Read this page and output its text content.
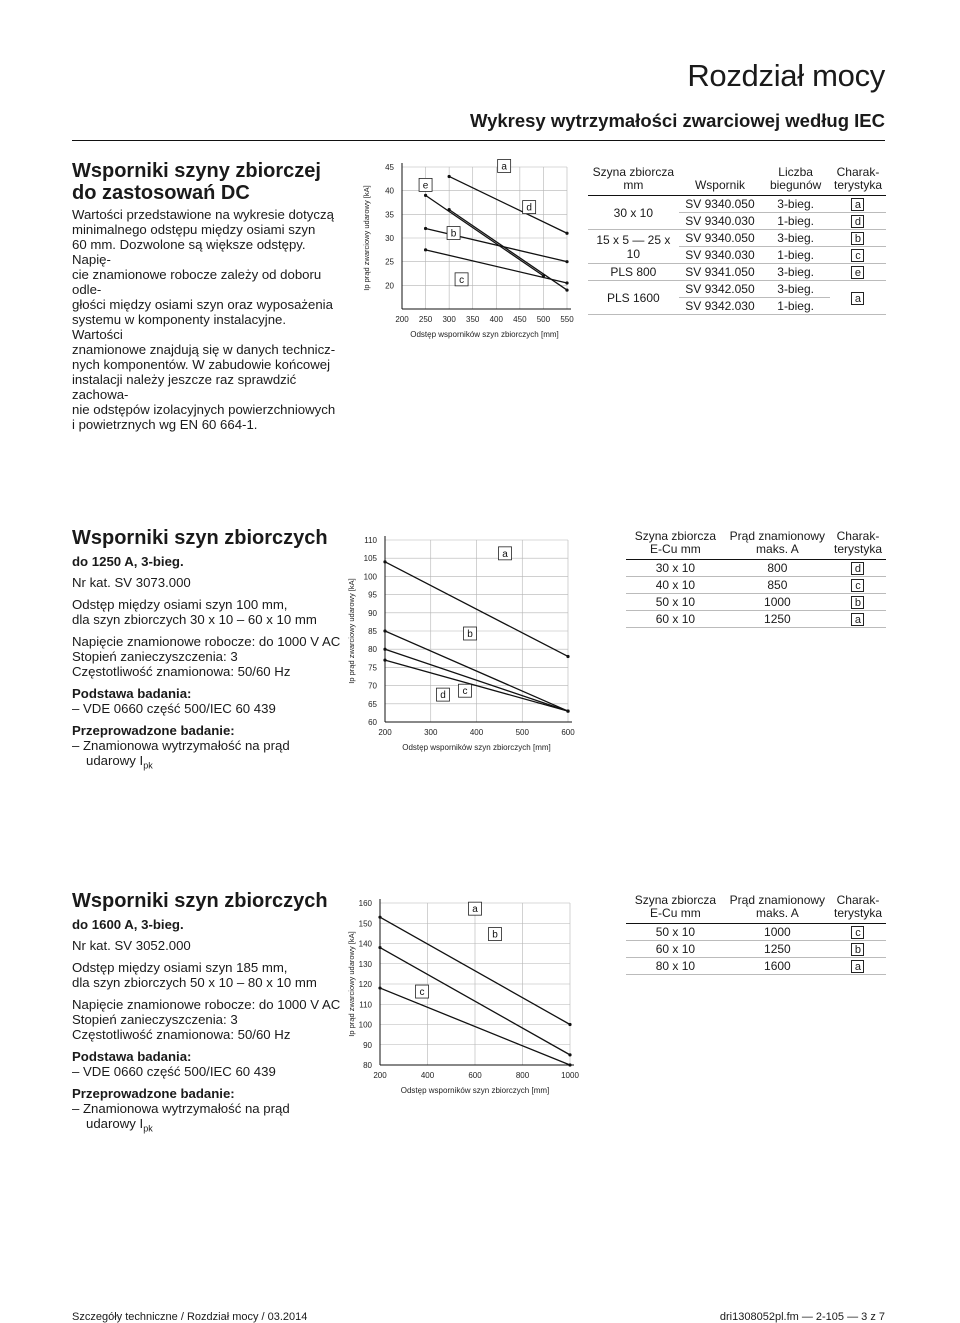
Rozdział mocy
Wykresy wytrzymałości zwarciowej według IEC
Wsporniki szyny zbiorczej
do zastosowań DC
Wartości przedstawione na wykresie dotyczą
minimalnego odstępu między osiami szyn
60 mm. Dozwolone są większe odstępy. Napię-
cie znamionowe robocze zależy od doboru odle-
głości między osiami szyn oraz wyposażenia
systemu w komponenty instalacyjne. Wartości
znamionowe znajdują się w danych technicz-
nych komponentów. W zabudowie końcowej
instalacji należy jeszcze raz sprawdzić zachowa-
nie odstępów izolacyjnych powierzchniowych
i powietrznych wg EN 60 664-1.
200 250 300 350 400 450 500 550
20
25
30
35
40
45
Odstęp wsporników szyn zbiorczych [mm]
Ip prąd zwarciowy udarowy [kA]
a
d
e
b
c
Szyna zbiorcza mm	Wspornik	Liczba biegunów	Charak-terystyka
30 x 10	SV 9340.050	3-bieg.	a
	SV 9340.030	1-bieg.	d
15 x 5 — 25 x 10	SV 9340.050	3-bieg.	b
	SV 9340.030	1-bieg.	c
PLS 800	SV 9341.050	3-bieg.	e
PLS 1600	SV 9342.050	3-bieg.	a
	SV 9342.030	1-bieg.	
Wsporniki szyn zbiorczych
do 1250 A, 3-bieg.
Nr kat. SV 3073.000
Odstęp między osiami szyn 100 mm,
dla szyn zbiorczych 30 x 10 – 60 x 10 mm
Napięcie znamionowe robocze: do 1000 V AC
Stopień zanieczyszczenia: 3
Częstotliwość znamionowa: 50/60 Hz
Podstawa badania:
– VDE 0660 część 500/IEC 60 439
Przeprowadzone badanie:
– Znamionowa wytrzymałość na prąd
udarowy $I_{pk}$
200	300	400	500	600
60
65
70
75
80
85
90
95
100
105
110
Odstęp wsporników szyn zbiorczych [mm]
Ip prąd zwarciowy udarowy [kA]
a
b
c
d
Szyna zbiorcza E-Cu mm	Prąd znamionowy maks. A	Charak-terystyka
30 x 10	800	d
40 x 10	850	c
50 x 10	1000	b
60 x 10	1250	a
Wsporniki szyn zbiorczych
do 1600 A, 3-bieg.
Nr kat. SV 3052.000
Odstęp między osiami szyn 185 mm,
dla szyn zbiorczych 50 x 10 – 80 x 10 mm
Napięcie znamionowe robocze: do 1000 V AC
Stopień zanieczyszczenia: 3
Częstotliwość znamionowa: 50/60 Hz
Podstawa badania:
– VDE 0660 część 500/IEC 60 439
Przeprowadzone badanie:
– Znamionowa wytrzymałość na prąd
udarowy $I_{pk}$
200	400	600	800	1000
80
90
100
110
120
130
140
150
160
Odstęp wsporników szyn zbiorczych [mm]
Ip prąd zwarciowy udarowy [kA]
a
b
c
Szyna zbiorcza E-Cu mm	Prąd znamionowy maks. A	Charak-terystyka
50 x 10	1000	c
60 x 10	1250	b
80 x 10	1600	a
Szczegóły techniczne / Rozdział mocy / 03.2014	dri1308052pl.fm — 2-105 — 3 z 7
